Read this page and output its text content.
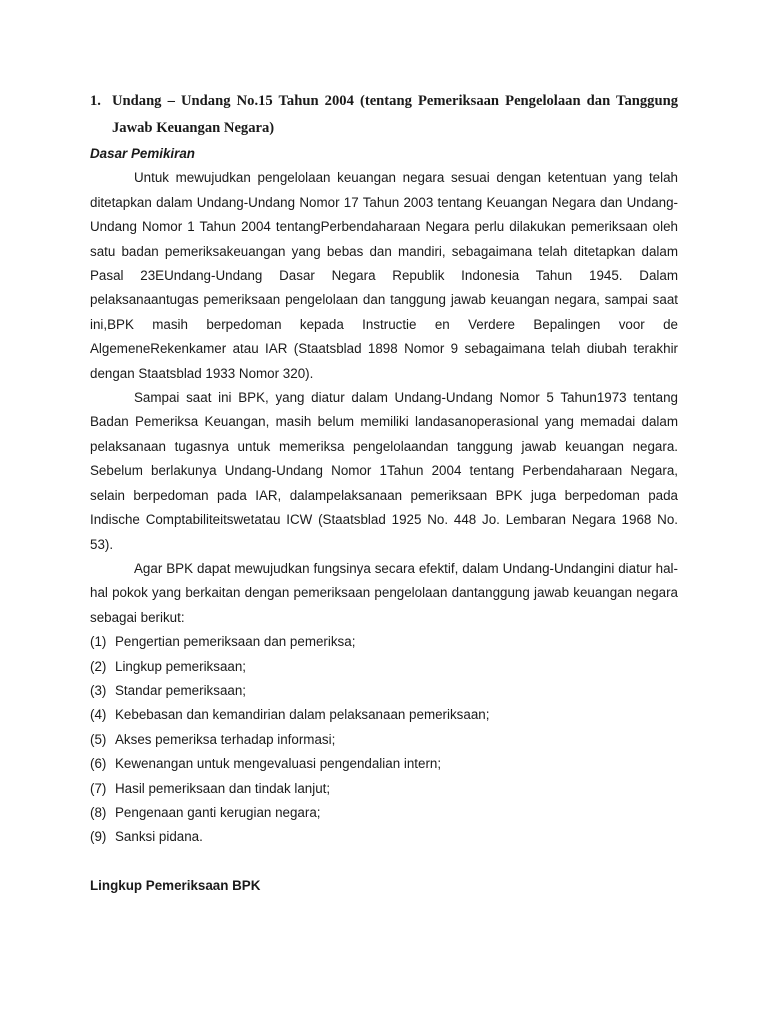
1. Undang – Undang No.15 Tahun 2004 (tentang Pemeriksaan Pengelolaan dan Tanggung Jawab Keuangan Negara)

Dasar Pemikiran

Untuk mewujudkan pengelolaan keuangan negara sesuai dengan ketentuan yang telah ditetapkan dalam Undang-Undang Nomor 17 Tahun 2003 tentang Keuangan Negara dan Undang-Undang Nomor 1 Tahun 2004 tentangPerbendaharaan Negara perlu dilakukan pemeriksaan oleh satu badan pemeriksakeuangan yang bebas dan mandiri, sebagaimana telah ditetapkan dalam Pasal 23EUndang-Undang Dasar Negara Republik Indonesia Tahun 1945. Dalam pelaksanaantugas pemeriksaan pengelolaan dan tanggung jawab keuangan negara, sampai saat ini,BPK masih berpedoman kepada Instructie en Verdere Bepalingen voor de AlgemeneRekenkamer atau IAR (Staatsblad 1898 Nomor 9 sebagaimana telah diubah terakhir dengan Staatsblad 1933 Nomor 320).

Sampai saat ini BPK, yang diatur dalam Undang-Undang Nomor 5 Tahun1973 tentang Badan Pemeriksa Keuangan, masih belum memiliki landasanoperasional yang memadai dalam pelaksanaan tugasnya untuk memeriksa pengelolaandan tanggung jawab keuangan negara. Sebelum berlakunya Undang-Undang Nomor 1Tahun 2004 tentang Perbendaharaan Negara, selain berpedoman pada IAR, dalampelaksanaan pemeriksaan BPK juga berpedoman pada Indische Comptabiliteitswetatau ICW (Staatsblad 1925 No. 448 Jo. Lembaran Negara 1968 No. 53).

Agar BPK dapat mewujudkan fungsinya secara efektif, dalam Undang-Undangini diatur hal-hal pokok yang berkaitan dengan pemeriksaan pengelolaan dantanggung jawab keuangan negara sebagai berikut:

(1) Pengertian pemeriksaan dan pemeriksa;
(2) Lingkup pemeriksaan;
(3) Standar pemeriksaan;
(4) Kebebasan dan kemandirian dalam pelaksanaan pemeriksaan;
(5) Akses pemeriksa terhadap informasi;
(6) Kewenangan untuk mengevaluasi pengendalian intern;
(7) Hasil pemeriksaan dan tindak lanjut;
(8) Pengenaan ganti kerugian negara;
(9) Sanksi pidana.

Lingkup Pemeriksaan BPK
